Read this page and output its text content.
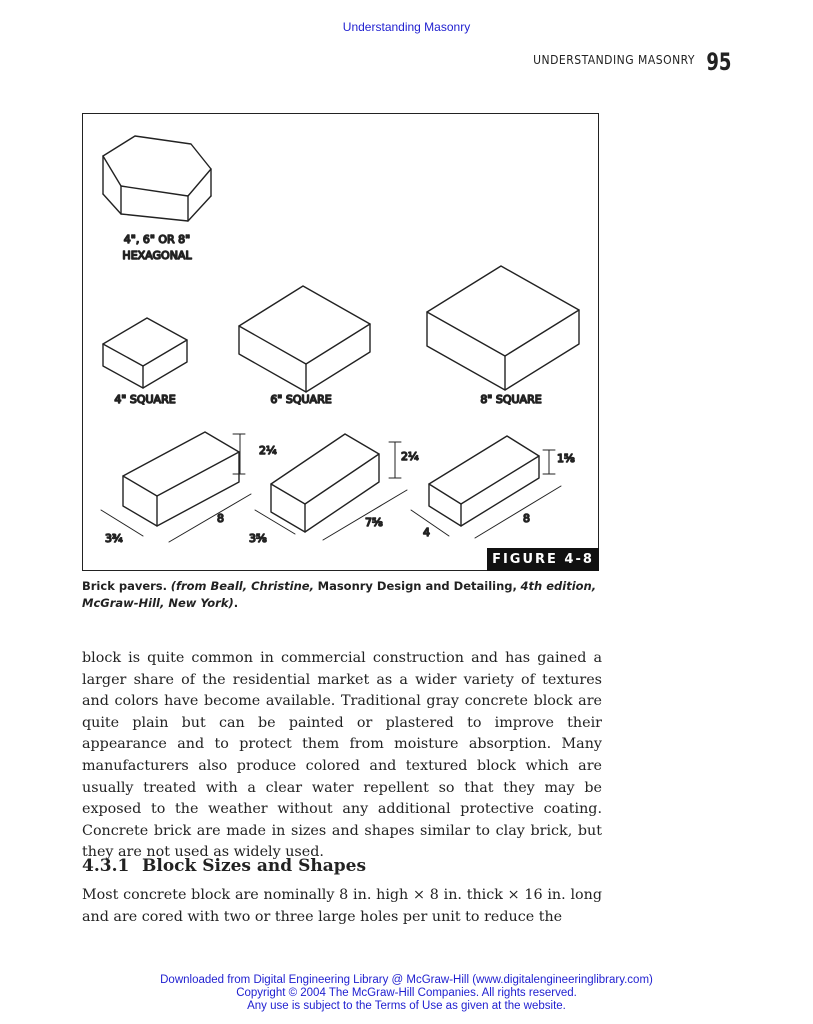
Understanding Masonry
UNDERSTANDING MASONRY 95
4", 6" OR 8"
HEXAGONAL
4" SQUARE	6" SQUARE	8" SQUARE
2¼
8
3¾
2¼
7⅝
3⅝
1⅝
8
4
FIGURE 4-8
Brick pavers. (from Beall, Christine, Masonry Design and Detailing, 4th edition, McGraw-Hill, New York).
block is quite common in commercial construction and has gained a larger share of the residential market as a wider variety of textures and colors have become available. Traditional gray concrete block are quite plain but can be painted or plastered to improve their appearance and to protect them from moisture absorption. Many manufacturers also produce colored and textured block which are usually treated with a clear water repellent so that they may be exposed to the weather without any additional protective coating. Concrete brick are made in sizes and shapes similar to clay brick, but they are not used as widely used.
4.3.1 Block Sizes and Shapes
Most concrete block are nominally 8 in. high × 8 in. thick × 16 in. long and are cored with two or three large holes per unit to reduce the
Downloaded from Digital Engineering Library @ McGraw-Hill (www.digitalengineeringlibrary.com)
Copyright © 2004 The McGraw-Hill Companies. All rights reserved.
Any use is subject to the Terms of Use as given at the website.
